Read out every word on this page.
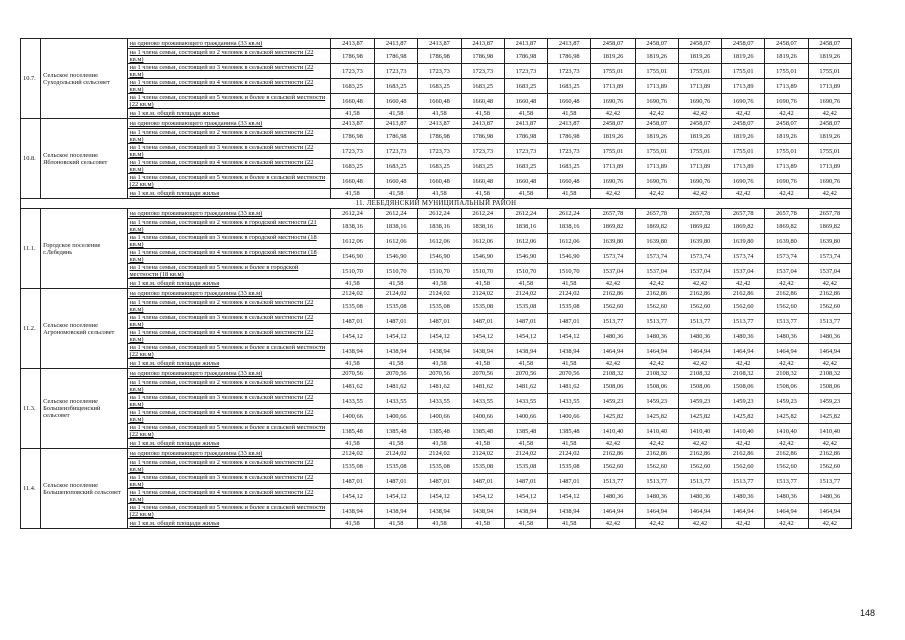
10.7.	Сельское поселение Суходольский сельсовет	на одиноко проживающего гражданина (33 кв.м)	2413,87	2413,87	2413,87	2413,87	2413,87	2413,87	2458,07	2458,07	2458,07	2458,07	2458,07	2458,07
		на 1 члена семьи, состоящей из 2 человек в сельской местности (22 кв.м)	1786,98	1786,98	1786,98	1786,98	1786,98	1786,98	1819,26	1819,26	1819,26	1819,26	1819,26	1819,26
		на 1 члена семьи, состоящей из 3 человек в сельской местности (22 кв.м)	1723,73	1723,73	1723,73	1723,73	1723,73	1723,73	1755,01	1755,01	1755,01	1755,01	1755,01	1755,01
		на 1 члена семьи, состоящей из 4 человек в сельской местности (22 кв.м)	1683,25	1683,25	1683,25	1683,25	1683,25	1683,25	1713,89	1713,89	1713,89	1713,89	1713,89	1713,89
		на 1 члена семьи, состоящей из 5 человек и более в сельской местности (22 кв.м)	1660,48	1660,48	1660,48	1660,48	1660,48	1660,48	1690,76	1690,76	1690,76	1690,76	1690,76	1690,76
		на 1 кв.м. общей площади жилья	41,58	41,58	41,58	41,58	41,58	41,58	42,42	42,42	42,42	42,42	42,42	42,42
10.8.	Сельское поселение Яблоновский сельсовет	на одиноко проживающего гражданина (33 кв.м)	2413,87	2413,87	2413,87	2413,87	2413,87	2413,87	2458,07	2458,07	2458,07	2458,07	2458,07	2458,07
		на 1 члена семьи, состоящей из 2 человек в сельской местности (22 кв.м)	1786,98	1786,98	1786,98	1786,98	1786,98	1786,98	1819,26	1819,26	1819,26	1819,26	1819,26	1819,26
		на 1 члена семьи, состоящей из 3 человек в сельской местности (22 кв.м)	1723,73	1723,73	1723,73	1723,73	1723,73	1723,73	1755,01	1755,01	1755,01	1755,01	1755,01	1755,01
		на 1 члена семьи, состоящей из 4 человек в сельской местности (22 кв.м)	1683,25	1683,25	1683,25	1683,25	1683,25	1683,25	1713,89	1713,89	1713,89	1713,89	1713,89	1713,89
		на 1 члена семьи, состоящей из 5 человек и более в сельской местности (22 кв.м)	1660,48	1660,48	1660,48	1660,48	1660,48	1660,48	1690,76	1690,76	1690,76	1690,76	1690,76	1690,76
		на 1 кв.м. общей площади жилья	41,58	41,58	41,58	41,58	41,58	41,58	42,42	42,42	42,42	42,42	42,42	42,42
11. ЛЕБЕДЯНСКИЙ МУНИЦИПАЛЬНЫЙ РАЙОН														
11.1.	Городское поселение г.Лебедянь	на одиноко проживающего гражданина (33 кв.м)	2612,24	2612,24	2612,24	2612,24	2612,24	2612,24	2657,78	2657,78	2657,78	2657,78	2657,78	2657,78
		на 1 члена семьи, состоящей из 2 человек в городской местности (21 кв.м)	1838,16	1838,16	1838,16	1838,16	1838,16	1838,16	1869,82	1869,82	1869,82	1869,82	1869,82	1869,82
		на 1 члена семьи, состоящей из 3 человек в городской местности (18 кв.м)	1612,06	1612,06	1612,06	1612,06	1612,06	1612,06	1639,80	1639,80	1639,80	1639,80	1639,80	1639,80
		на 1 члена семьи, состоящей из 4 человек в городской местности (18 кв.м)	1546,90	1546,90	1546,90	1546,90	1546,90	1546,90	1573,74	1573,74	1573,74	1573,74	1573,74	1573,74
		на 1 члена семьи, состоящей из 5 человек и более в городской местности (18 кв.м)	1510,70	1510,70	1510,70	1510,70	1510,70	1510,70	1537,04	1537,04	1537,04	1537,04	1537,04	1537,04
		на 1 кв.м. общей площади жилья	41,58	41,58	41,58	41,58	41,58	41,58	42,42	42,42	42,42	42,42	42,42	42,42
11.2.	Сельское поселение Агрономовский сельсовет	на одиноко проживающего гражданина (33 кв.м)	2124,02	2124,02	2124,02	2124,02	2124,02	2124,02	2162,86	2162,86	2162,86	2162,86	2162,86	2162,86
		на 1 члена семьи, состоящей из 2 человек в сельской местности (22 кв.м)	1535,08	1535,08	1535,08	1535,08	1535,08	1535,08	1562,60	1562,60	1562,60	1562,60	1562,60	1562,60
		на 1 члена семьи, состоящей из 3 человек в сельской местности (22 кв.м)	1487,01	1487,01	1487,01	1487,01	1487,01	1487,01	1513,77	1513,77	1513,77	1513,77	1513,77	1513,77
		на 1 члена семьи, состоящей из 4 человек в сельской местности (22 кв.м)	1454,12	1454,12	1454,12	1454,12	1454,12	1454,12	1480,36	1480,36	1480,36	1480,36	1480,36	1480,36
		на 1 члена семьи, состоящей из 5 человек и более в сельской местности (22 кв.м)	1438,94	1438,94	1438,94	1438,94	1438,94	1438,94	1464,94	1464,94	1464,94	1464,94	1464,94	1464,94
		на 1 кв.м. общей площади жилья	41,58	41,58	41,58	41,58	41,58	41,58	42,42	42,42	42,42	42,42	42,42	42,42
11.3.	Сельское поселение Большеизбищенский сельсовет	на одиноко проживающего гражданина (33 кв.м)	2070,56	2070,56	2070,56	2070,56	2070,56	2070,56	2108,32	2108,32	2108,32	2108,32	2108,32	2108,32
		на 1 члена семьи, состоящей из 2 человек в сельской местности (22 кв.м)	1481,62	1481,62	1481,62	1481,62	1481,62	1481,62	1508,06	1508,06	1508,06	1508,06	1508,06	1508,06
		на 1 члена семьи, состоящей из 3 человек в сельской местности (22 кв.м)	1433,55	1433,55	1433,55	1433,55	1433,55	1433,55	1459,23	1459,23	1459,23	1459,23	1459,23	1459,23
		на 1 члена семьи, состоящей из 4 человек в сельской местности (22 кв.м)	1400,66	1400,66	1400,66	1400,66	1400,66	1400,66	1425,82	1425,82	1425,82	1425,82	1425,82	1425,82
		на 1 члена семьи, состоящей из 5 человек и более в сельской местности (22 кв.м)	1385,48	1385,48	1385,48	1385,48	1385,48	1385,48	1410,40	1410,40	1410,40	1410,40	1410,40	1410,40
		на 1 кв.м. общей площади жилья	41,58	41,58	41,58	41,58	41,58	41,58	42,42	42,42	42,42	42,42	42,42	42,42
11.4.	Сельское поселение Большепоповский сельсовет	на одиноко проживающего гражданина (33 кв.м)	2124,02	2124,02	2124,02	2124,02	2124,02	2124,02	2162,86	2162,86	2162,86	2162,86	2162,86	2162,86
		на 1 члена семьи, состоящей из 2 человек в сельской местности (22 кв.м)	1535,08	1535,08	1535,08	1535,08	1535,08	1535,08	1562,60	1562,60	1562,60	1562,60	1562,60	1562,60
		на 1 члена семьи, состоящей из 3 человек в сельской местности (22 кв.м)	1487,01	1487,01	1487,01	1487,01	1487,01	1487,01	1513,77	1513,77	1513,77	1513,77	1513,77	1513,77
		на 1 члена семьи, состоящей из 4 человек в сельской местности (22 кв.м)	1454,12	1454,12	1454,12	1454,12	1454,12	1454,12	1480,36	1480,36	1480,36	1480,36	1480,36	1480,36
		на 1 члена семьи, состоящей из 5 человек и более в сельской местности (22 кв.м)	1438,94	1438,94	1438,94	1438,94	1438,94	1438,94	1464,94	1464,94	1464,94	1464,94	1464,94	1464,94
		на 1 кв.м. общей площади жилья	41,58	41,58	41,58	41,58	41,58	41,58	42,42	42,42	42,42	42,42	42,42	42,42
148
